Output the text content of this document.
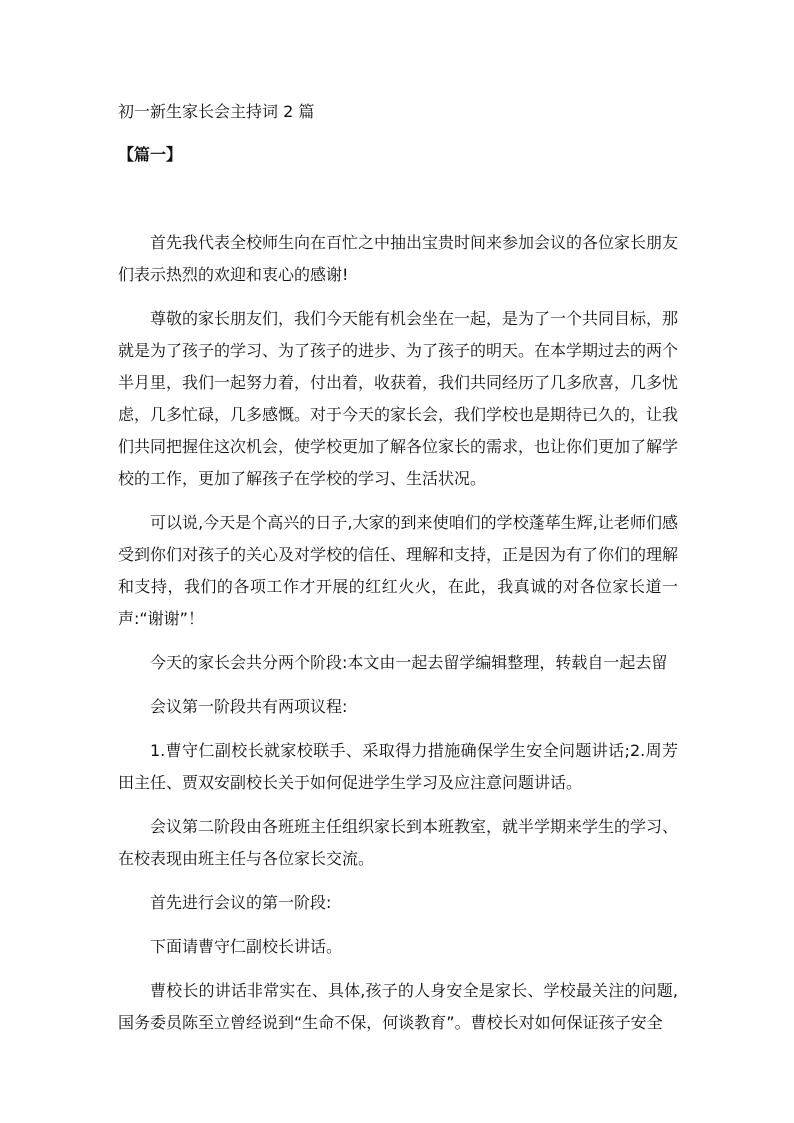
初一新生家长会主持词 2 篇
【篇一】

首先我代表全校师生向在百忙之中抽出宝贵时间来参加会议的各位家长朋友们表示热烈的欢迎和衷心的感谢!

尊敬的家长朋友们，我们今天能有机会坐在一起，是为了一个共同目标，那就是为了孩子的学习、为了孩子的进步、为了孩子的明天。在本学期过去的两个半月里，我们一起努力着，付出着，收获着，我们共同经历了几多欣喜，几多忧虑，几多忙碌，几多感慨。对于今天的家长会，我们学校也是期待已久的，让我们共同把握住这次机会，使学校更加了解各位家长的需求，也让你们更加了解学校的工作，更加了解孩子在学校的学习、生活状况。

可以说,今天是个高兴的日子,大家的到来使咱们的学校蓬荜生辉,让老师们感受到你们对孩子的关心及对学校的信任、理解和支持，正是因为有了你们的理解和支持，我们的各项工作才开展的红红火火，在此，我真诚的对各位家长道一声:“谢谢”！

今天的家长会共分两个阶段:本文由一起去留学编辑整理，转载自一起去留

会议第一阶段共有两项议程:

1.曹守仁副校长就家校联手、采取得力措施确保学生安全问题讲话;2.周芳田主任、贾双安副校长关于如何促进学生学习及应注意问题讲话。

会议第二阶段由各班班主任组织家长到本班教室，就半学期来学生的学习、在校表现由班主任与各位家长交流。

首先进行会议的第一阶段:

下面请曹守仁副校长讲话。

曹校长的讲话非常实在、具体,孩子的人身安全是家长、学校最关注的问题,国务委员陈至立曾经说到“生命不保，何谈教育”。曹校长对如何保证孩子安全
